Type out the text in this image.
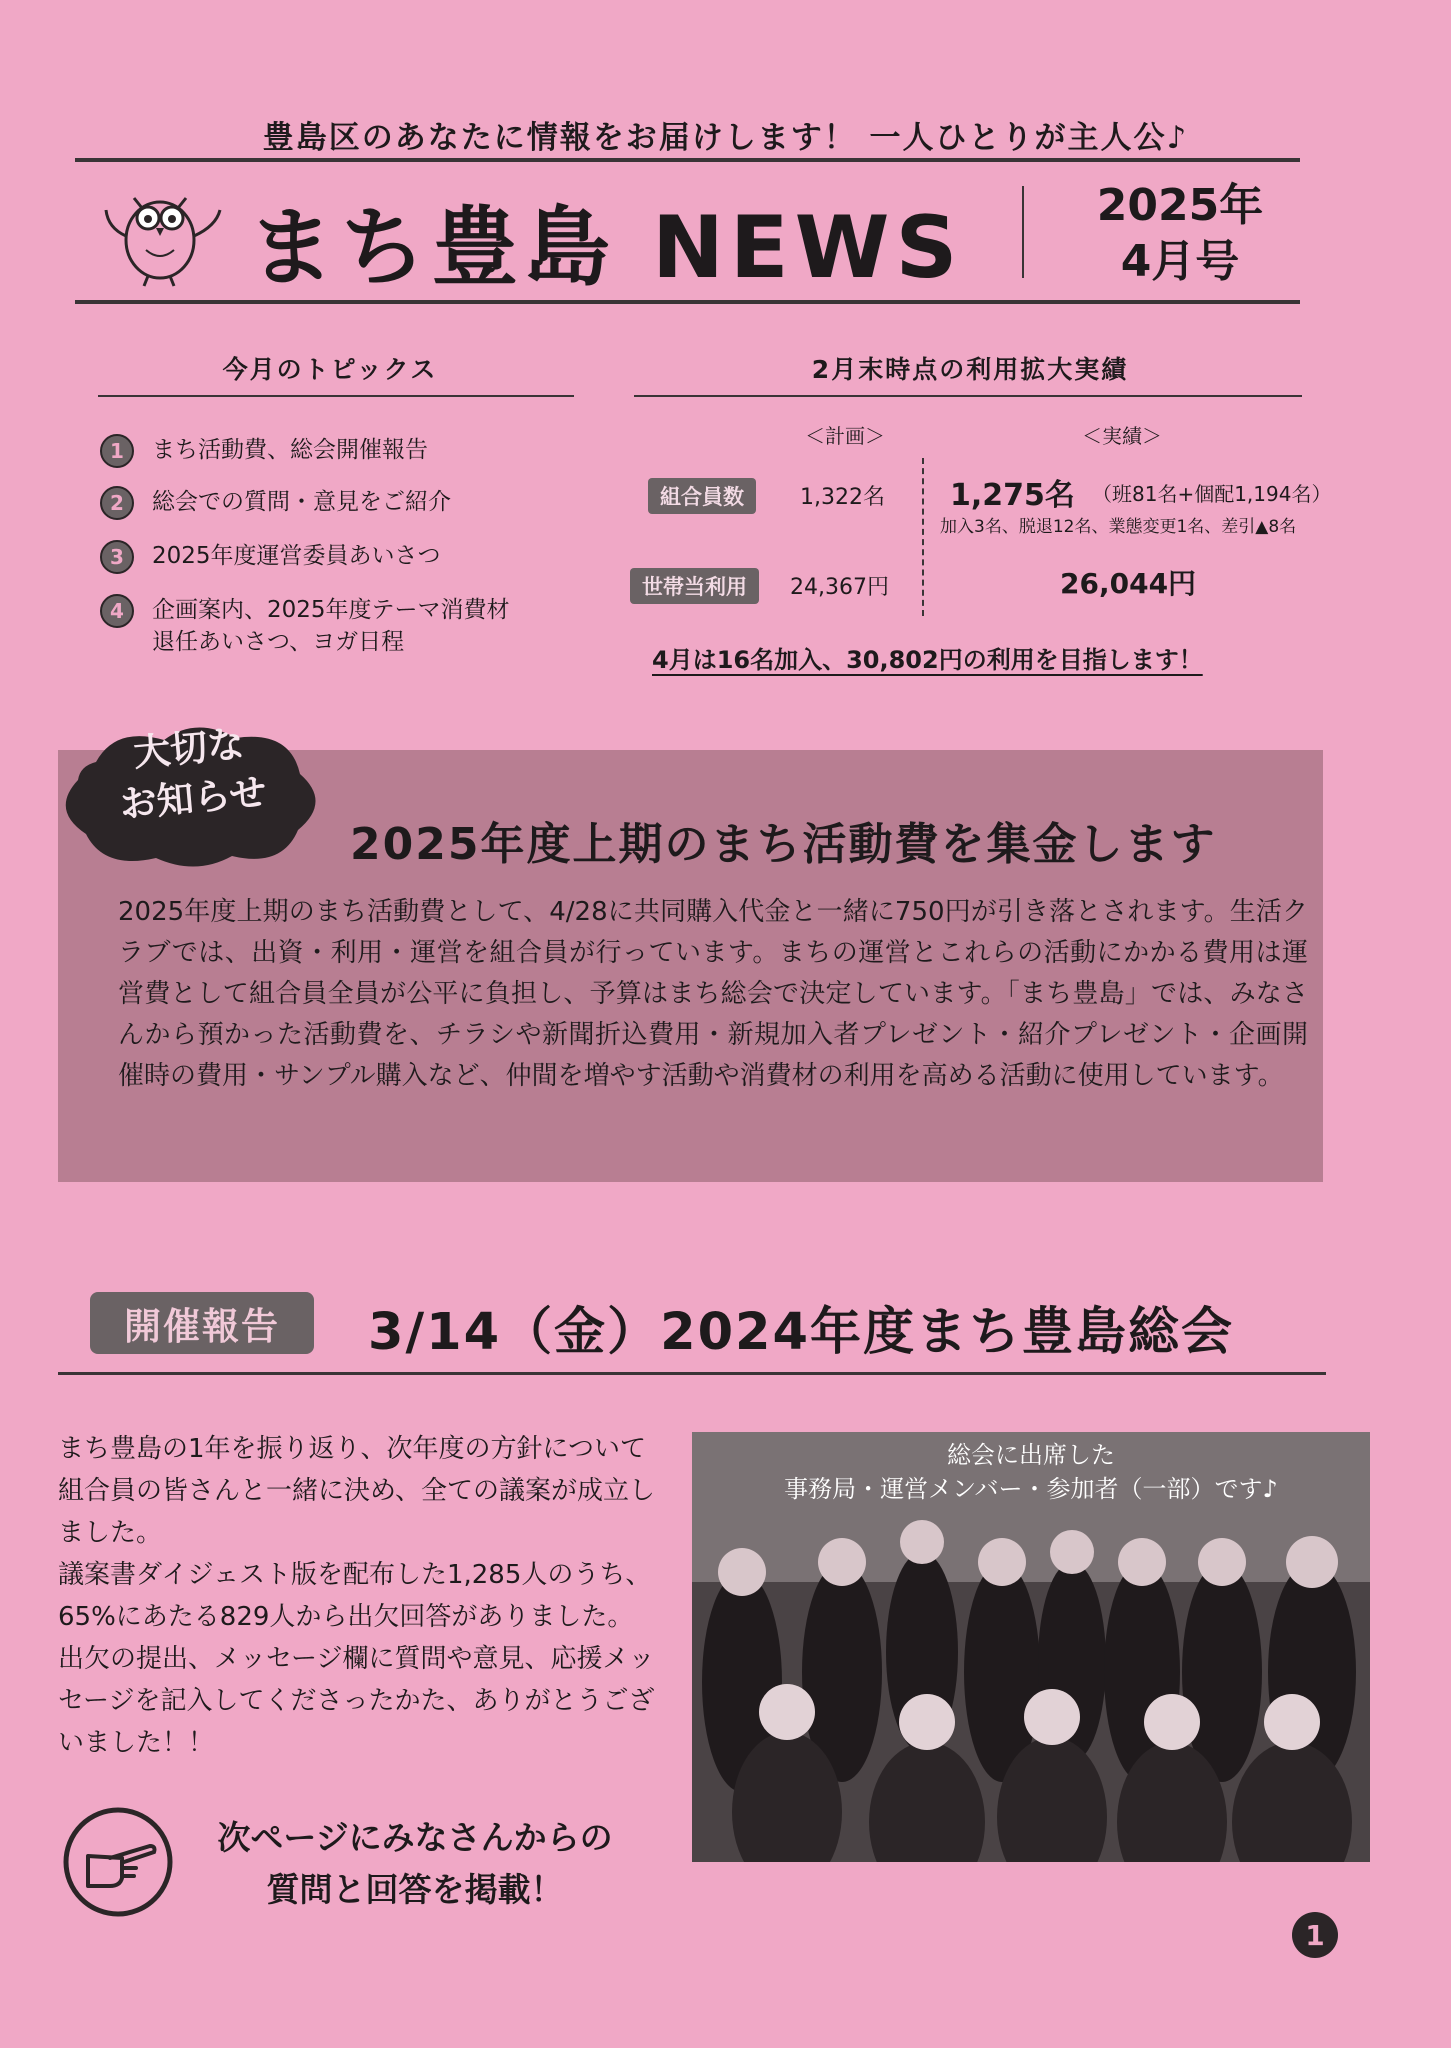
豊島区のあなたに情報をお届けします！ 一人ひとりが主人公♪
まち豊島 NEWS	2025年
4月号
今月のトピックス
1	まち活動費、総会開催報告
2	総会での質問・意見をご紹介
3	2025年度運営委員あいさつ
4	企画案内、2025年度テーマ消費材
退任あいさつ、ヨガ日程
2月末時点の利用拡大実績
＜計画＞	＜実績＞
組合員数	1,322名 1,275名 （班81名+個配1,194名）
加入3名、脱退12名、業態変更1名、差引▲8名
世帯当利用	24,367円	26,044円
4月は16名加入、30,802円の利用を目指します！
大切な
お知らせ
2025年度上期のまち活動費を集金します
2025年度上期のまち活動費として、4/28に共同購入代金と一緒に750円が引き落とされます。生活クラブでは、出資・利用・運営を組合員が行っています。まちの運営とこれらの活動にかかる費用は運営費として組合員全員が公平に負担し、予算はまち総会で決定しています。「まち豊島」では、みなさんから預かった活動費を、チラシや新聞折込費用・新規加入者プレゼント・紹介プレゼント・企画開催時の費用・サンプル購入など、仲間を増やす活動や消費材の利用を高める活動に使用しています。
開催報告	3/14（金）2024年度まち豊島総会
まち豊島の1年を振り返り、次年度の方針について組合員の皆さんと一緒に決め、全ての議案が成立しました。
議案書ダイジェスト版を配布した1,285人のうち、65%にあたる829人から出欠回答がありました。出欠の提出、メッセージ欄に質問や意見、応援メッセージを記入してくださったかた、ありがとうございました！！
総会に出席した
事務局・運営メンバー・参加者（一部）です♪
次ページにみなさんからの
質問と回答を掲載！
1
